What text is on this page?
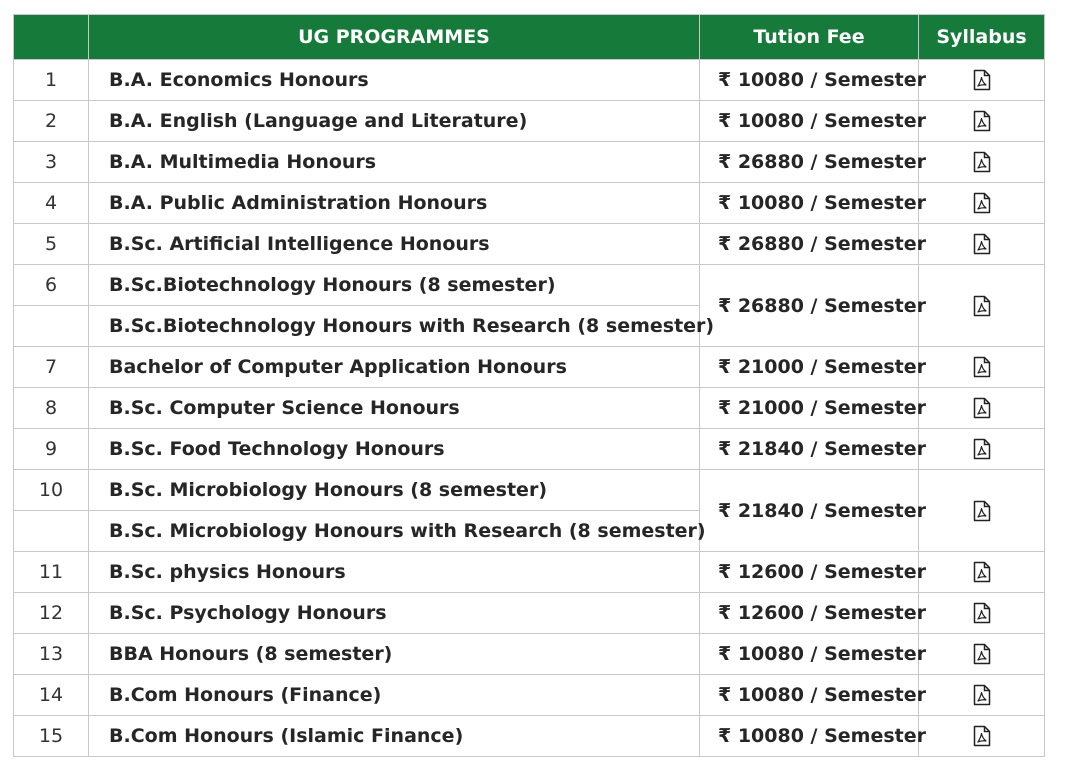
	UG PROGRAMMES	Tution Fee	Syllabus
1	B.A. Economics Honours	₹ 10080 / Semester	
2	B.A. English (Language and Literature)	₹ 10080 / Semester	
3	B.A. Multimedia Honours	₹ 26880 / Semester	
4	B.A. Public Administration Honours	₹ 10080 / Semester	
5	B.Sc. Artificial Intelligence Honours	₹ 26880 / Semester	
6	B.Sc.Biotechnology Honours (8 semester)	₹ 26880 / Semester	
	B.Sc.Biotechnology Honours with Research (8 semester)		
7	Bachelor of Computer Application Honours	₹ 21000 / Semester	
8	B.Sc. Computer Science Honours	₹ 21000 / Semester	
9	B.Sc. Food Technology Honours	₹ 21840 / Semester	
10	B.Sc. Microbiology Honours (8 semester)	₹ 21840 / Semester	
	B.Sc. Microbiology Honours with Research (8 semester)		
11	B.Sc. physics Honours	₹ 12600 / Semester	
12	B.Sc. Psychology Honours	₹ 12600 / Semester	
13	BBA Honours (8 semester)	₹ 10080 / Semester	
14	B.Com Honours (Finance)	₹ 10080 / Semester	
15	B.Com Honours (Islamic Finance)	₹ 10080 / Semester	
